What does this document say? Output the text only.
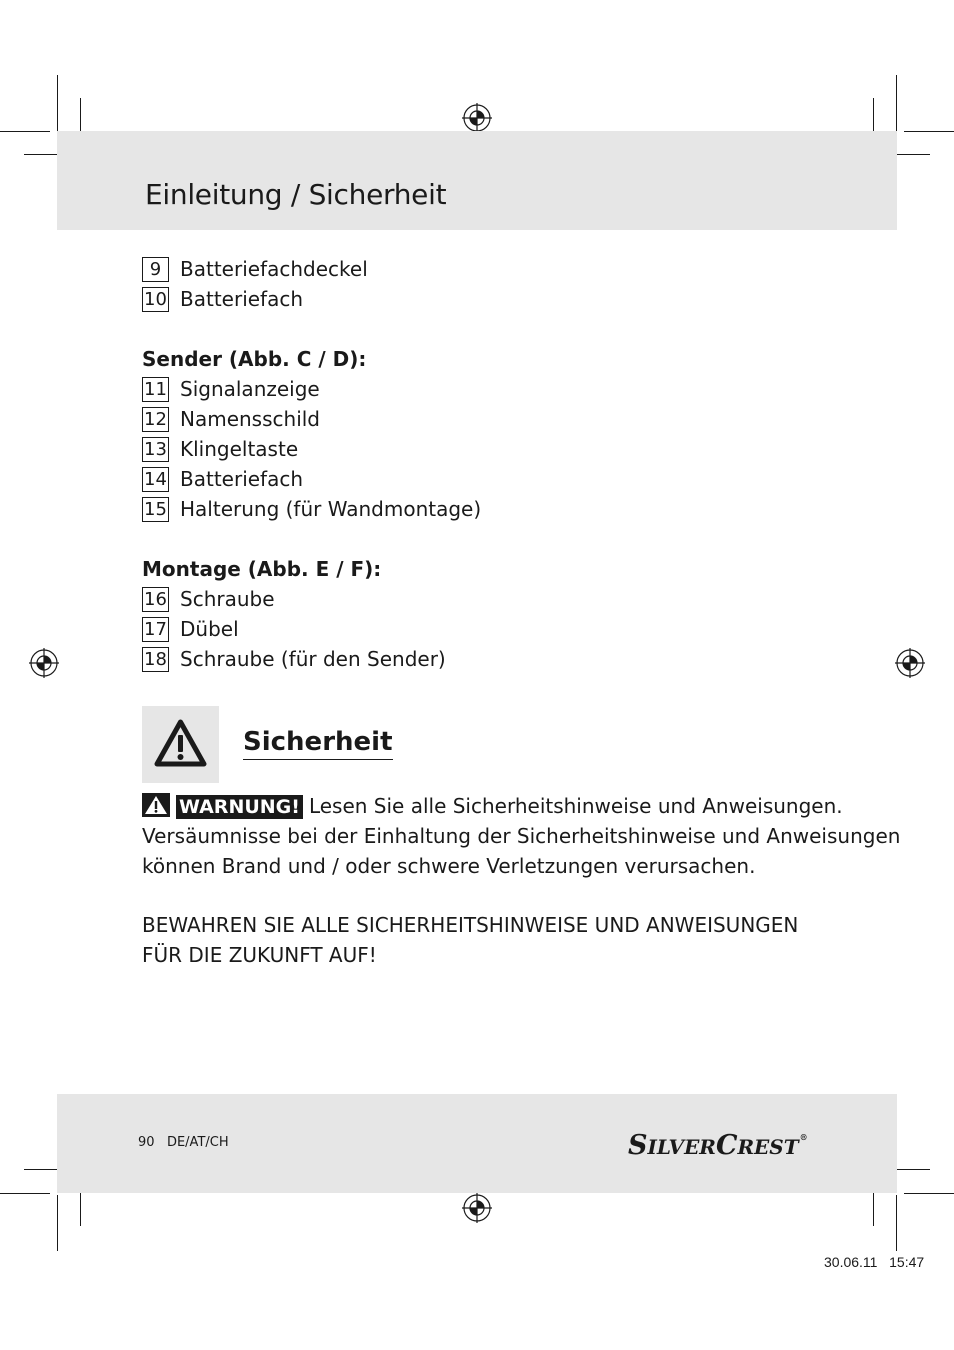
Einleitung / Sicherheit
9 Batteriefachdeckel
10 Batteriefach
Sender (Abb. C / D):
11 Signalanzeige
12 Namensschild
13 Klingeltaste
14 Batteriefach
15 Halterung (für Wandmontage)
Montage (Abb. E / F):
16 Schraube
17 Dübel
18 Schraube (für den Sender)
Sicherheit
WARNUNG! Lesen Sie alle Sicherheitshinweise und Anweisungen.
Versäumnisse bei der Einhaltung der Sicherheitshinweise und Anweisungen
können Brand und / oder schwere Verletzungen verursachen.
BEWAHREN SIE ALLE SICHERHEITSHINWEISE UND ANWEISUNGEN
FÜR DIE ZUKUNFT AUF!
90 DE/AT/CH	SILVERCREST®
30.06.11 15:47
